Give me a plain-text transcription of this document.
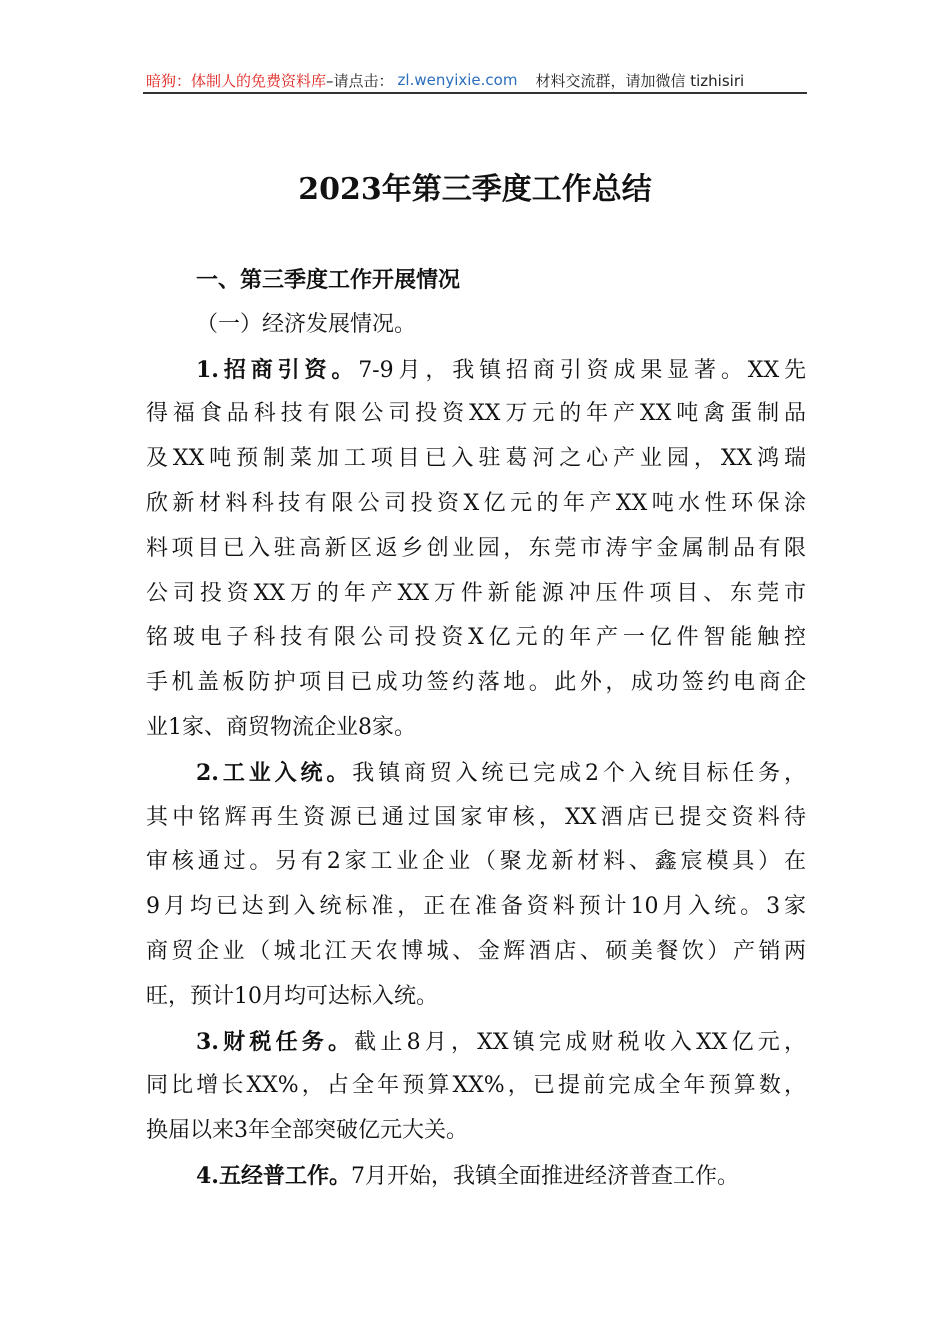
暗狗：体制人的免费资料库 –请点击： zl.wenyixie.com 材料交流群，请加微信 tizhisiri
2023年第三季度工作总结
一、第三季度工作开展情况
（一）经济发展情况。
1.招商引资。7-9月，我镇招商引资成果显著。XX先
得福食品科技有限公司投资XX万元的年产XX吨禽蛋制品
及XX吨预制菜加工项目已入驻葛河之心产业园，XX鸿瑞
欣新材料科技有限公司投资X亿元的年产XX吨水性环保涂
料项目已入驻高新区返乡创业园，东莞市涛宇金属制品有限
公司投资XX万的年产XX万件新能源冲压件项目、东莞市
铭玻电子科技有限公司投资X亿元的年产一亿件智能触控
手机盖板防护项目已成功签约落地。此外，成功签约电商企
业1家、商贸物流企业8家。
2.工业入统。我镇商贸入统已完成2个入统目标任务，
其中铭辉再生资源已通过国家审核，XX酒店已提交资料待
审核通过。另有2家工业企业（聚龙新材料、鑫宸模具）在
9月均已达到入统标准，正在准备资料预计10月入统。3家
商贸企业（城北江天农博城、金辉酒店、硕美餐饮）产销两
旺，预计10月均可达标入统。
3.财税任务。截止8月，XX镇完成财税收入XX亿元，
同比增长XX%，占全年预算XX%，已提前完成全年预算数，
换届以来3年全部突破亿元大关。
4.五经普工作。7月开始，我镇全面推进经济普查工作。
